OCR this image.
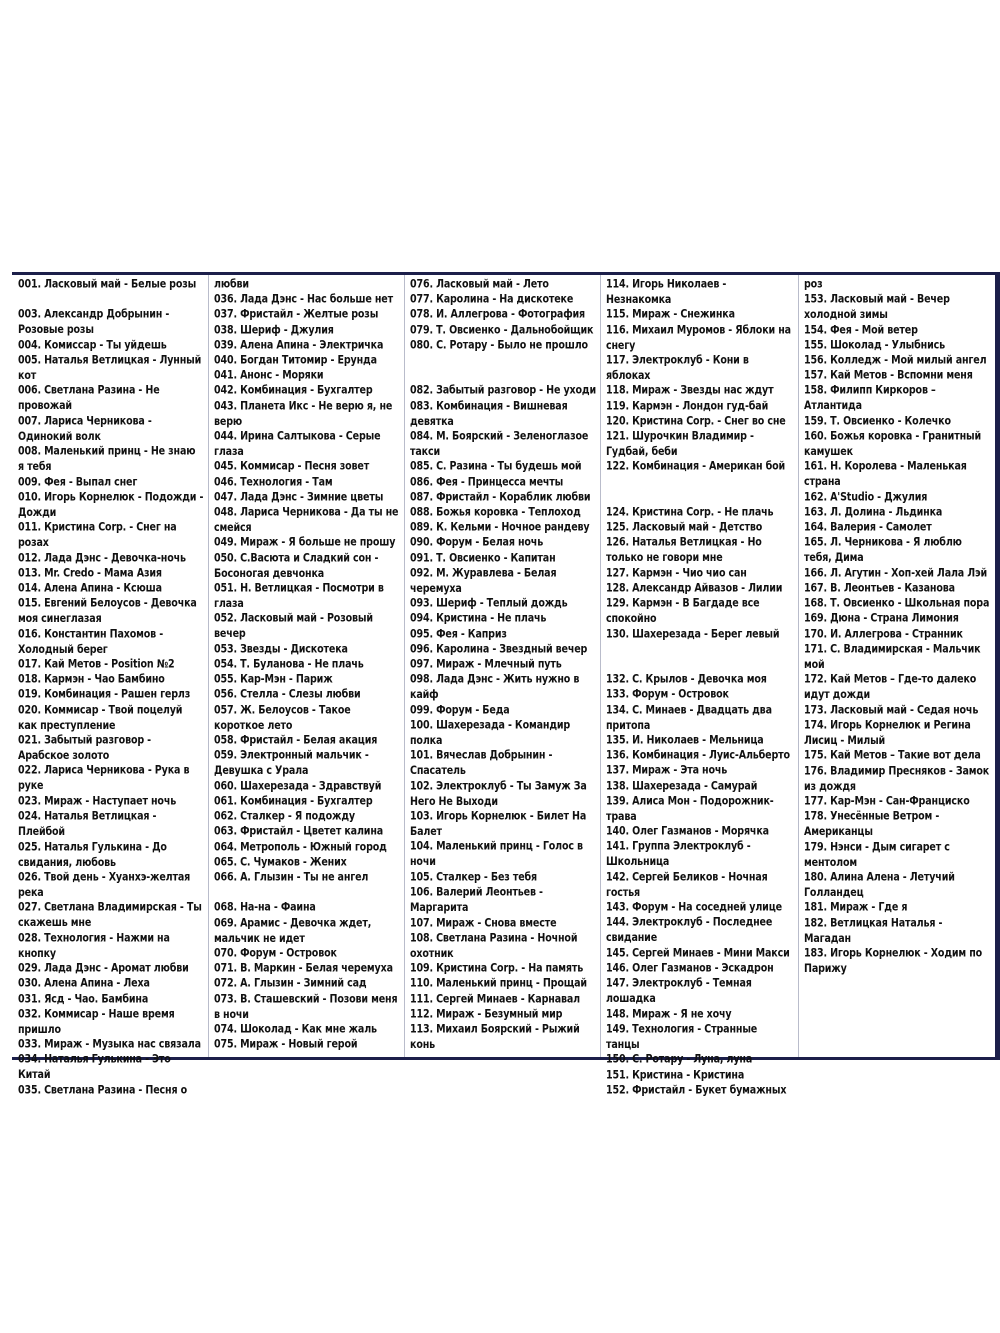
001. Ласковый май - Белые розы
003. Александр Добрынин - Розовые розы
004. Комиссар - Ты уйдешь
005. Наталья Ветлицкая - Лунный кот
006. Светлана Разина - Не провожай
007. Лариса Черникова - Одинокий волк
008. Маленький принц - Не знаю я тебя
009. Фея - Выпал снег
010. Игорь Корнелюк - Подожди - Дожди
011. Кристина Corp. - Снег на розах
012. Лада Дэнс - Девочка-ночь
013. Mr. Credo - Мама Азия
014. Алена Апина - Ксюша
015. Евгений Белоусов - Девочка моя синеглазая
016. Константин Пахомов - Холодный берег
017. Кай Метов - Position №2
018. Кармэн - Чао Бамбино
019. Комбинация - Рашен герлз
020. Коммисар - Твой поцелуй как преступление
021. Забытый разговор - Арабское золото
022. Лариса Черникова - Рука в руке
023. Мираж - Наступает ночь
024. Наталья Ветлицкая - Плейбой
025. Наталья Гулькина - До свидания, любовь
026. Твой день - Хуанхэ-желтая река
027. Светлана Владимирская - Ты скажешь мне
028. Технология - Нажми на кнопку
029. Лада Дэнс - Аромат любви
030. Алена Апина - Леха
031. Ясд - Чао. Бамбина
032. Коммисар - Наше время пришло
033. Мираж - Музыка нас связала
034. Наталья Гулькина - Это Китай
035. Светлана Разина - Песня о
любви
036. Лада Дэнс - Нас больше нет
037. Фристайл - Желтые розы
038. Шериф - Джулия
039. Алена Апина - Электричка
040. Богдан Титомир - Ерунда
041. Анонс - Моряки
042. Комбинация - Бухгалтер
043. Планета Икс - Не верю я, не верю
044. Ирина Салтыкова - Серые глаза
045. Коммисар - Песня зовет
046. Технология - Там
047. Лада Дэнс - Зимние цветы
048. Лариса Черникова - Да ты не смейся
049. Мираж - Я больше не прошу
050. С.Васюта и Сладкий сон - Босоногая девчонка
051. Н. Ветлицкая - Посмотри в глаза
052. Ласковый май - Розовый вечер
053. Звезды - Дискотека
054. Т. Буланова - Не плачь
055. Кар-Мэн - Париж
056. Стелла - Слезы любви
057. Ж. Белоусов - Такое короткое лето
058. Фристайл - Белая акация
059. Электронный мальчик - Девушка с Урала
060. Шахерезада - Здравствуй
061. Комбинация - Бухгалтер
062. Сталкер - Я подожду
063. Фристайл - Цветет калина
064. Метрополь - Южный город
065. С. Чумаков - Жених
066. А. Глызин - Ты не ангел
068. На-на - Фаина
069. Арамис - Девочка ждет, мальчик не идет
070. Форум - Островок
071. В. Маркин - Белая черемуха
072. А. Глызин - Зимний сад
073. В. Сташевский - Позови меня в ночи
074. Шоколад - Как мне жаль
075. Мираж - Новый герой
076. Ласковый май - Лето
077. Каролина - На дискотеке
078. И. Аллегрова - Фотография
079. Т. Овсиенко - Дальнобойщик
080. С. Ротару - Было не прошло
082. Забытый разговор - Не уходи
083. Комбинация - Вишневая девятка
084. М. Боярский - Зеленоглазое такси
085. С. Разина - Ты будешь мой
086. Фея - Принцесса мечты
087. Фристайл - Кораблик любви
088. Божья коровка - Теплоход
089. К. Кельми - Ночное рандеву
090. Форум - Белая ночь
091. Т. Овсиенко - Капитан
092. М. Журавлева - Белая черемуха
093. Шериф - Теплый дождь
094. Кристина - Не плачь
095. Фея - Каприз
096. Каролина - Звездный вечер
097. Мираж - Млечный путь
098. Лада Дэнс - Жить нужно в кайф
099. Форум - Беда
100. Шахерезада - Командир полка
101. Вячеслав Добрынин - Спасатель
102. Электроклуб - Ты Замуж За Него Не Выходи
103. Игорь Корнелюк - Билет На Балет
104. Маленький принц - Голос в ночи
105. Сталкер - Без тебя
106. Валерий Леонтьев - Маргарита
107. Мираж - Снова вместе
108. Светлана Разина - Ночной охотник
109. Кристина Corp. - На память
110. Маленький принц - Прощай
111. Сергей Минаев - Карнавал
112. Мираж - Безумный мир
113. Михаил Боярский - Рыжий конь
114. Игорь Николаев - Незнакомка
115. Мираж - Снежинка
116. Михаил Муромов - Яблоки на снегу
117. Электроклуб - Кони в яблоках
118. Мираж - Звезды нас ждут
119. Кармэн - Лондон гуд-бай
120. Кристина Corp. - Снег во сне
121. Шурочкин Владимир - Гудбай, беби
122. Комбинация - Американ бой
124. Кристина Corp. - Не плачь
125. Ласковый май - Детство
126. Наталья Ветлицкая - Но только не говори мне
127. Кармэн - Чио чио сан
128. Александр Айвазов - Лилии
129. Кармэн - В Багдаде все спокойно
130. Шахерезада - Берег левый
132. С. Крылов - Девочка моя
133. Форум - Островок
134. С. Минаев - Двадцать два притопа
135. И. Николаев - Мельница
136. Комбинация - Луис-Альберто
137. Мираж - Эта ночь
138. Шахерезада - Самурай
139. Алиса Мон - Подорожник-трава
140. Олег Газманов - Морячка
141. Группа Электроклуб - Школьница
142. Сергей Беликов - Ночная гостья
143. Форум - На соседней улице
144. Электроклуб - Последнее свидание
145. Сергей Минаев - Мини Макси
146. Олег Газманов - Эскадрон
147. Электроклуб - Темная лошадка
148. Мираж - Я не хочу
149. Технология - Странные танцы
150. С. Ротару - Луна, луна
151. Кристина - Кристина
152. Фристайл - Букет бумажных
роз
153. Ласковый май - Вечер холодной зимы
154. Фея - Мой ветер
155. Шоколад - Улыбнись
156. Колледж - Мой милый ангел
157. Кай Метов - Вспомни меня
158. Филипп Киркоров – Атлантида
159. Т. Овсиенко - Колечко
160. Божья коровка - Гранитный камушек
161. Н. Королева - Маленькая страна
162. A'Studio - Джулия
163. Л. Долина - Льдинка
164. Валерия - Самолет
165. Л. Черникова - Я люблю тебя, Дима
166. Л. Агутин - Хоп-хей Лала Лэй
167. В. Леонтьев - Казанова
168. Т. Овсиенко - Школьная пора
169. Дюна - Страна Лимония
170. И. Аллегрова - Странник
171. С. Владимирская - Мальчик мой
172. Кай Метов – Где-то далеко идут дожди
173. Ласковый май - Седая ночь
174. Игорь Корнелюк и Регина Лисиц - Милый
175. Кай Метов – Такие вот дела
176. Владимир Пресняков - Замок из дождя
177. Кар-Мэн - Сан-Франциско
178. Унесённые Ветром - Американцы
179. Нэнси - Дым сигарет с ментолом
180. Алина Алена - Летучий Голландец
181. Мираж - Где я
182. Ветлицкая Наталья - Магадан
183. Игорь Корнелюк - Ходим по Парижу
